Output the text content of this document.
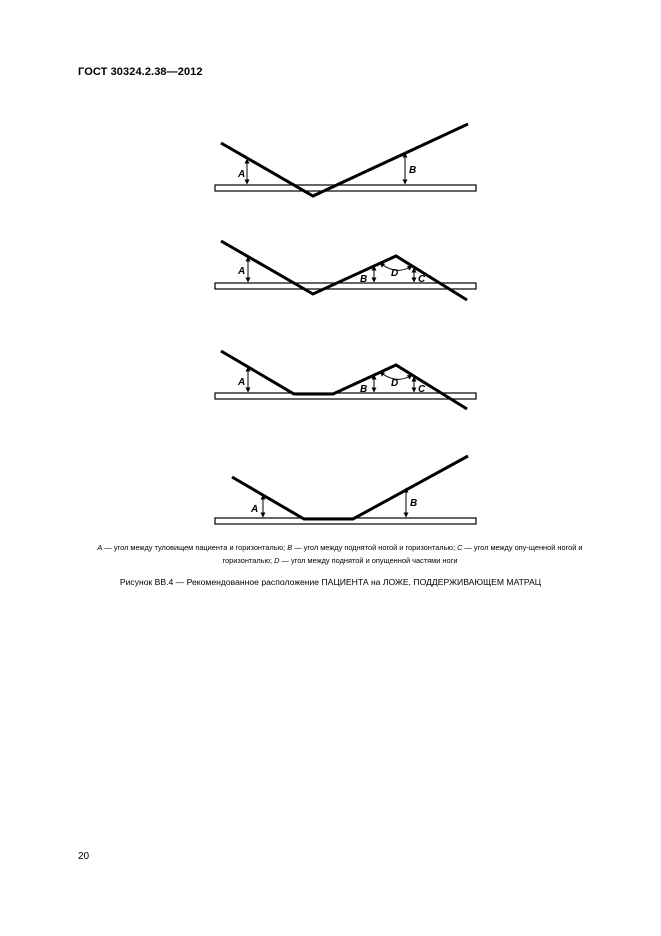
ГОСТ 30324.2.38—2012
A	B
A
B
D
C
A
B
D
C
A
B
A — угол между туловищем пациента и горизонталью; B — угол между поднятой ногой и горизонталью; C — угол между опу-щенной ногой и горизонталью; D — угол между поднятой и опущенной частями ноги
Рисунок ВВ.4 — Рекомендованное расположение ПАЦИЕНТА на ЛОЖЕ, ПОДДЕРЖИВАЮЩЕМ МАТРАЦ
20
